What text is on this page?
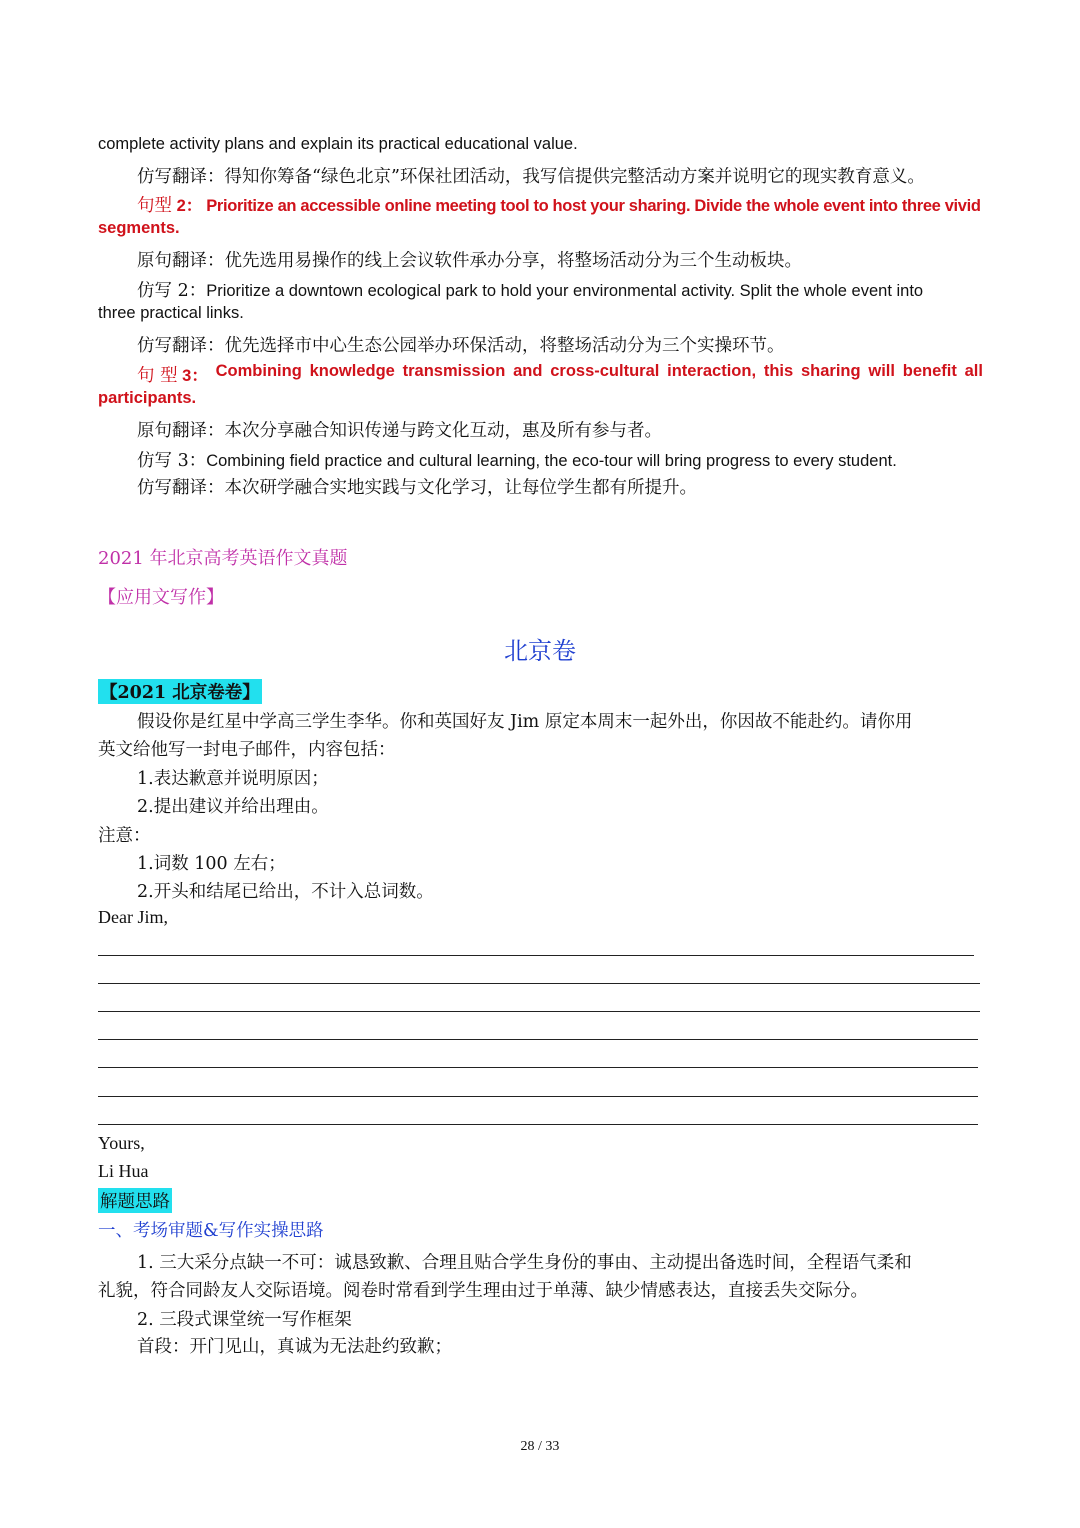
complete activity plans and explain its practical educational value.
仿写翻译：得知你筹备“绿色北京”环保社团活动，我写信提供完整活动方案并说明它的现实教育意义。
句型 2： Prioritize an accessible online meeting tool to host your sharing. Divide the whole event into three vivid
segments.
原句翻译：优先选用易操作的线上会议软件承办分享，将整场活动分为三个生动板块。
仿写 2：Prioritize a downtown ecological park to hold your environmental activity. Split the whole event into
three practical links.
仿写翻译：优先选择市中心生态公园举办环保活动，将整场活动分为三个实操环节。
句 型 3： Combining knowledge transmission and cross-cultural interaction, this sharing will benefit all
participants.
原句翻译：本次分享融合知识传递与跨文化互动，惠及所有参与者。
仿写 3：Combining field practice and cultural learning, the eco-tour will bring progress to every student.
仿写翻译：本次研学融合实地实践与文化学习，让每位学生都有所提升。
2021 年北京高考英语作文真题
【应用文写作】
北京卷
【2021 北京卷卷】
假设你是红星中学高三学生李华。你和英国好友 Jim 原定本周末一起外出，你因故不能赴约。请你用
英文给他写一封电子邮件，内容包括：
1.表达歉意并说明原因；
2.提出建议并给出理由。
注意：
1.词数 100 左右；
2.开头和结尾已给出，不计入总词数。
Dear Jim,
Yours,
Li Hua
解题思路
一、考场审题&写作实操思路
1. 三大采分点缺一不可：诚恳致歉、合理且贴合学生身份的事由、主动提出备选时间，全程语气柔和
礼貌，符合同龄友人交际语境。阅卷时常看到学生理由过于单薄、缺少情感表达，直接丢失交际分。
2. 三段式课堂统一写作框架
首段：开门见山，真诚为无法赴约致歉；
28 / 33
